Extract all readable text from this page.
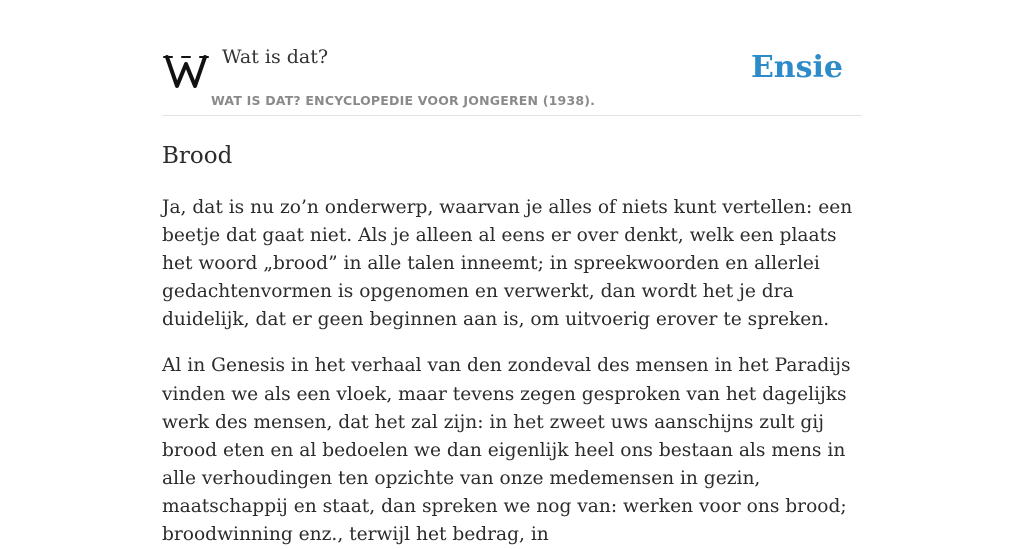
Wat is dat?
WAT IS DAT? ENCYCLOPEDIE VOOR JONGEREN (1938).
Ensie
Brood

Ja, dat is nu zo’n onderwerp, waarvan je alles of niets kunt vertellen: een beetje dat gaat niet. Als je alleen al eens er over denkt, welk een plaats het woord „brood” in alle talen inneemt; in spreekwoorden en allerlei gedachtenvormen is opgenomen en verwerkt, dan wordt het je dra duidelijk, dat er geen beginnen aan is, om uitvoerig erover te spreken.

Al in Genesis in het verhaal van den zondeval des mensen in het Paradijs vinden we als een vloek, maar tevens zegen gesproken van het dagelijks werk des mensen, dat het zal zijn: in het zweet uws aanschijns zult gij brood eten en al bedoelen we dan eigenlijk heel ons bestaan als mens in alle verhoudingen ten opzichte van onze medemensen in gezin, maatschappij en staat, dan spreken we nog van: werken voor ons brood; broodwinning enz., terwijl het bedrag, in
